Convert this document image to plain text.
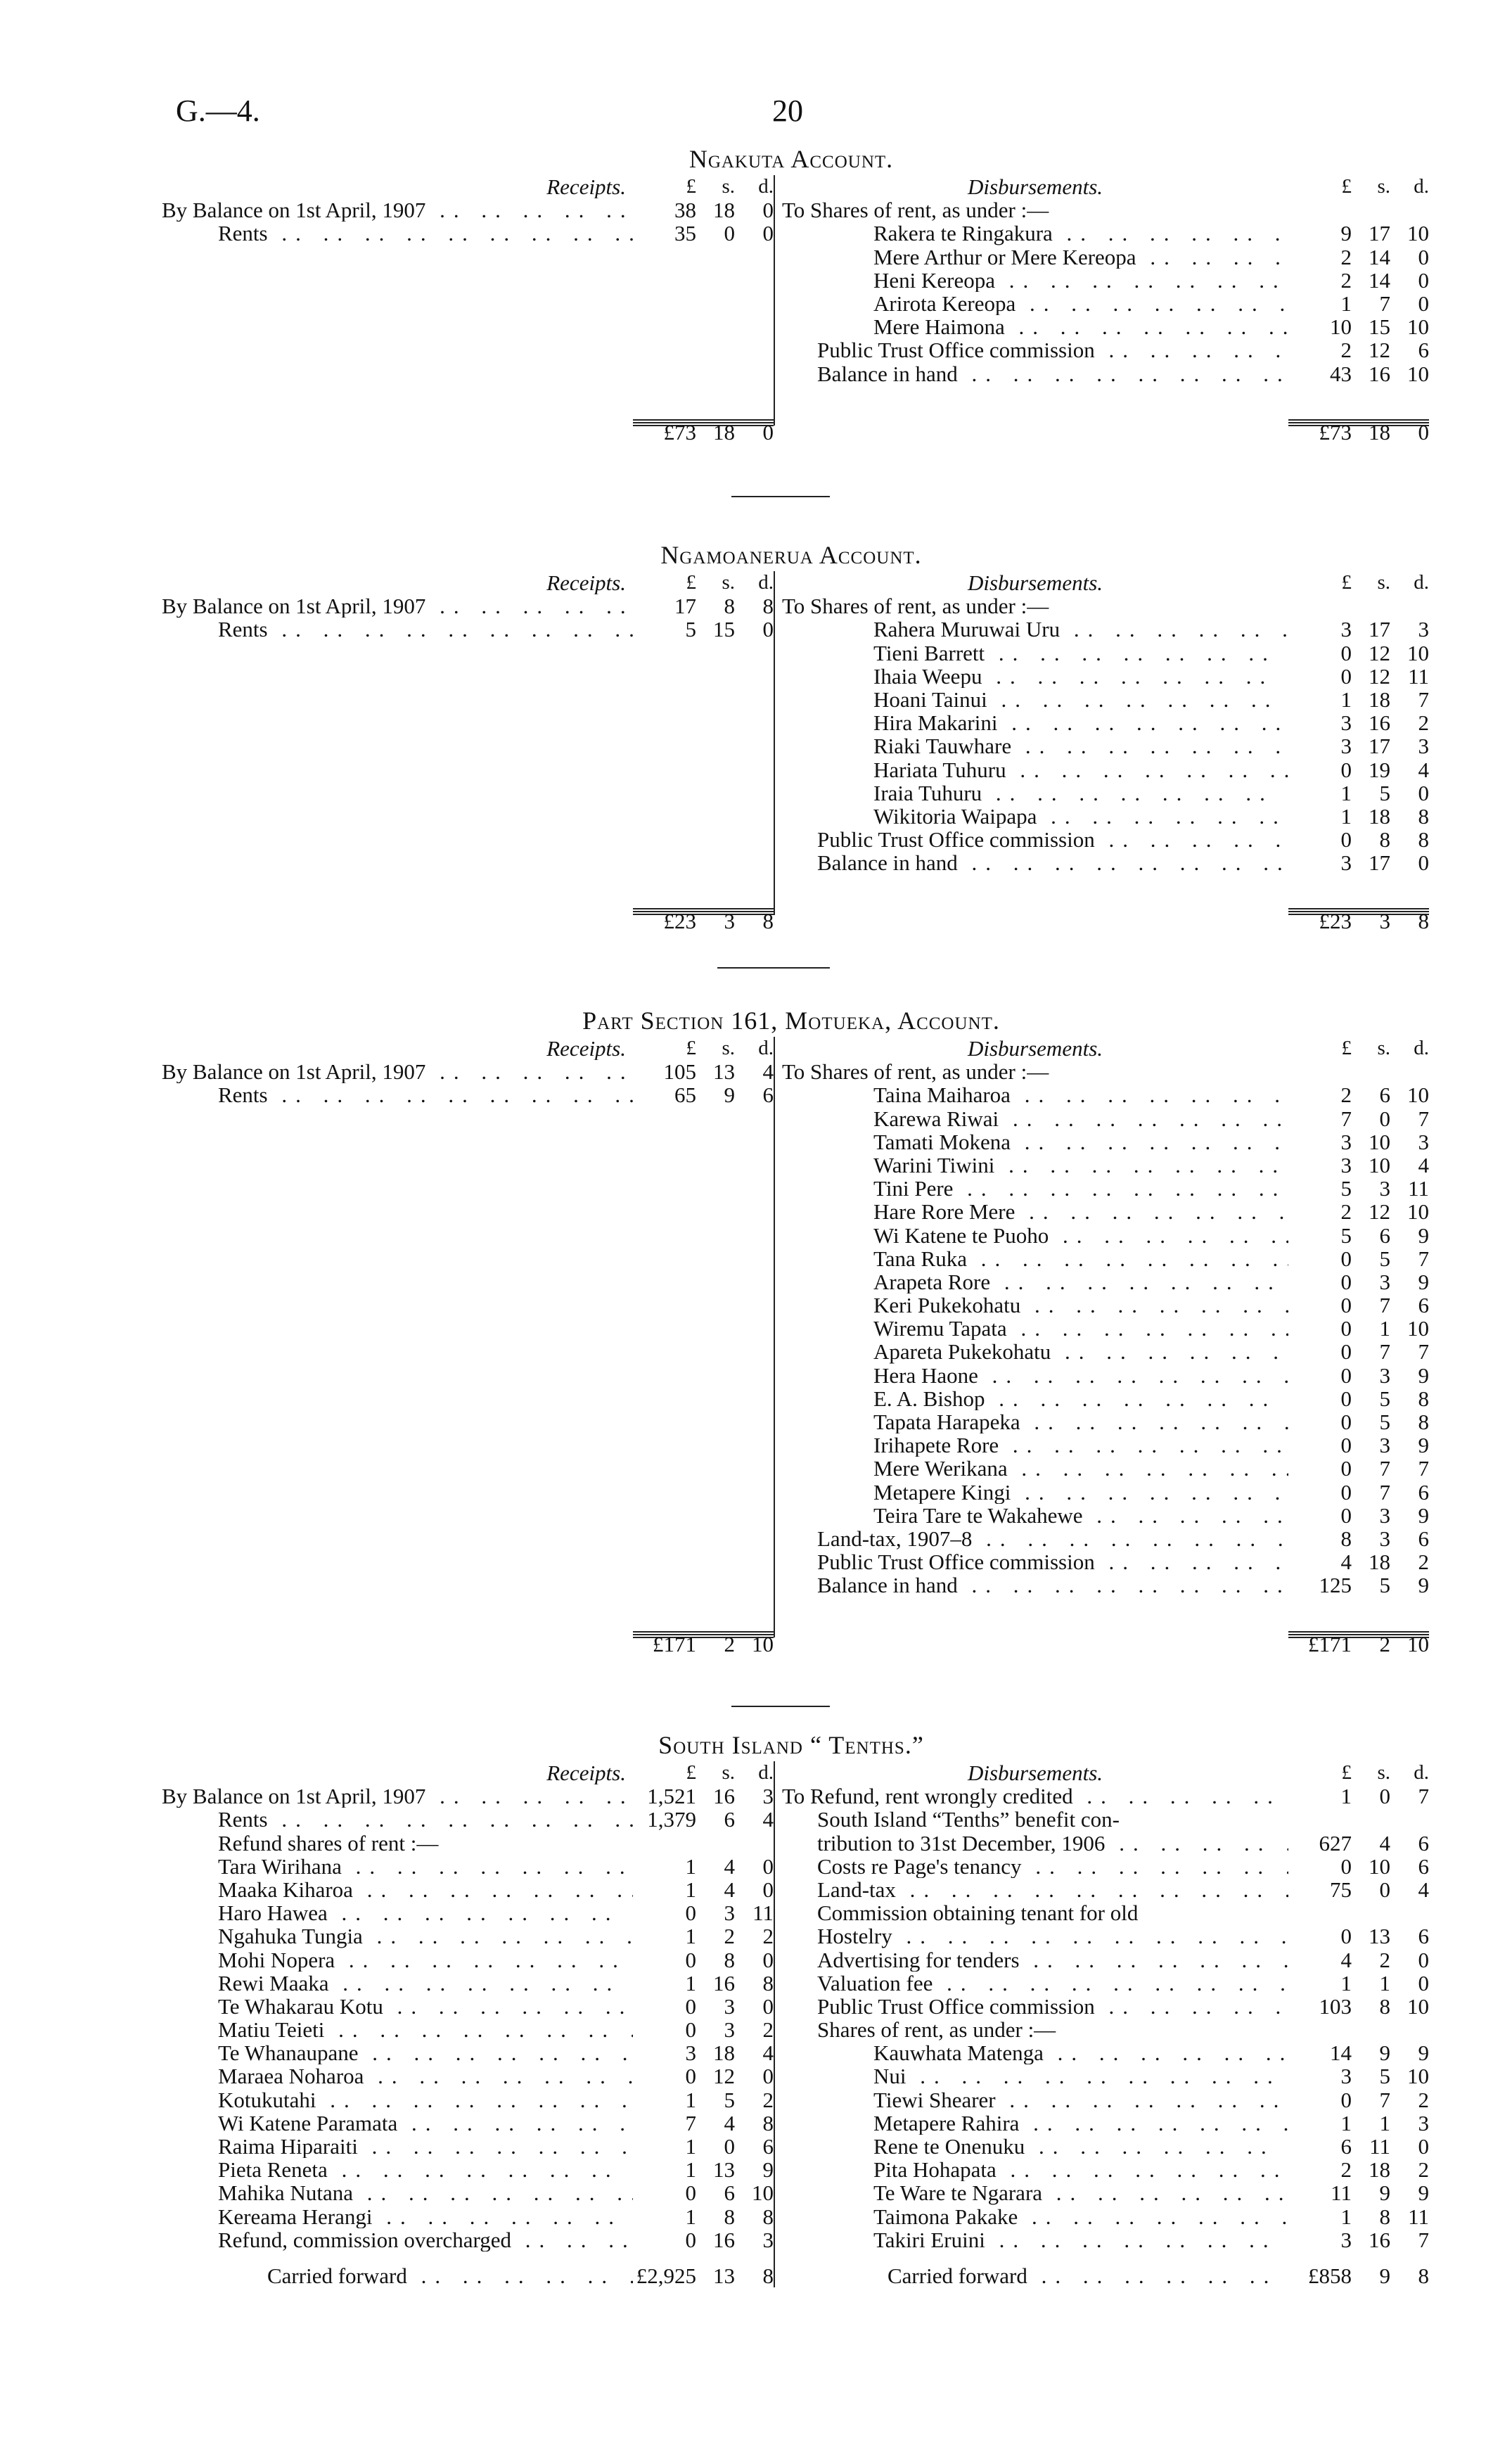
G.—4.	20
Ngakuta Account.
Receipts.	£	s.	d.
By Balance on 1st April, 1907 .. ..	38 18	0
Rents .. ..	35	0	0
£73 18	0
Disbursements.	£	s.	d.
To Shares of rent, as under :—
Rakera te Ringakura .. ..	9 17 10
Mere Arthur or Mere Kereopa .. ..	2 14	0
Heni Kereopa .. ..	2 14	0
Arirota Kereopa .. ..	1	7	0
Mere Haimona .. ..	10 15 10
Public Trust Office commission .. ..	2 12	6
Balance in hand .. ..	43 16 10
£73 18	0
Ngamoanerua Account.
Receipts.	£	s.	d.
By Balance on 1st April, 1907 .. ..	17	8	8
Rents .. ..	5 15	0
£23	3	8
Disbursements.	£	s.	d.
To Shares of rent, as under :—
Rahera Muruwai Uru .. ..	3 17	3
Tieni Barrett .. ..	0 12 10
Ihaia Weepu .. ..	0 12 11
Hoani Tainui .. ..	1 18	7
Hira Makarini .. ..	3 16	2
Riaki Tauwhare .. ..	3 17	3
Hariata Tuhuru .. ..	0 19	4
Iraia Tuhuru .. ..	1	5	0
Wikitoria Waipapa .. ..	1 18	8
Public Trust Office commission .. ..	0	8	8
Balance in hand .. ..	3 17	0
£23	3	8
Part Section 161, Motueka, Account.
Receipts.	£	s.	d.
By Balance on 1st April, 1907 .. ..	105 13	4
Rents .. ..	65	9	6
£171	2 10
Disbursements.	£	s.	d.
To Shares of rent, as under :—
Taina Maiharoa .. ..	2	6 10
Karewa Riwai .. ..	7	0	7
Tamati Mokena .. ..	3 10	3
Warini Tiwini .. ..	3 10	4
Tini Pere .. ..	5	3 11
Hare Rore Mere .. ..	2 12 10
Wi Katene te Puoho .. ..	5	6	9
Tana Ruka .. ..	0	5	7
Arapeta Rore .. ..	0	3	9
Keri Pukekohatu .. ..	0	7	6
Wiremu Tapata .. ..	0	1 10
Apareta Pukekohatu .. ..	0	7	7
Hera Haone .. ..	0	3	9
E. A. Bishop .. ..	0	5	8
Tapata Harapeka .. ..	0	5	8
Irihapete Rore .. ..	0	3	9
Mere Werikana .. ..	0	7	7
Metapere Kingi .. ..	0	7	6
Teira Tare te Wakahewe .. ..	0	3	9
Land-tax, 1907–8 .. ..	8	3	6
Public Trust Office commission .. ..	4 18	2
Balance in hand .. ..	125	5	9
£171	2 10
South Island “ Tenths.”
Receipts.	£	s.	d.
By Balance on 1st April, 1907 .. ..	1,521 16	3
Rents .. ..	1,379	6	4
Refund shares of rent :—
Tara Wirihana .. ..	1	4	0
Maaka Kiharoa .. ..	1	4	0
Haro Hawea .. ..	0	3 11
Ngahuka Tungia .. ..	1	2	2
Mohi Nopera .. ..	0	8	0
Rewi Maaka .. ..	1 16	8
Te Whakarau Kotu .. ..	0	3	0
Matiu Teieti .. ..	0	3	2
Te Whanaupane .. ..	3 18	4
Maraea Noharoa .. ..	0 12	0
Kotukutahi .. ..	1	5	2
Wi Katene Paramata .. ..	7	4	8
Raima Hiparaiti .. ..	1	0	6
Pieta Reneta .. ..	1 13	9
Mahika Nutana .. ..	0	6 10
Kereama Herangi .. ..	1	8	8
Refund, commission overcharged .. ..	0 16	3
Carried forward .. ..	£2,925 13	8
Disbursements.	£	s.	d.
To Refund, rent wrongly credited .. ..	1	0	7
South Island “Tenths” benefit con-
tribution to 31st December, 1906 .. ..	627	4	6
Costs re Page's tenancy .. ..	0 10	6
Land-tax .. ..	75	0	4
Commission obtaining tenant for old
Hostelry .. ..	0 13	6
Advertising for tenders .. ..	4	2	0
Valuation fee .. ..	1	1	0
Public Trust Office commission .. ..	103	8 10
Shares of rent, as under :—
Kauwhata Matenga .. ..	14	9	9
Nui .. ..	3	5 10
Tiewi Shearer .. ..	0	7	2
Metapere Rahira .. ..	1	1	3
Rene te Onenuku .. ..	6 11	0
Pita Hohapata .. ..	2 18	2
Te Ware te Ngarara .. ..	11	9	9
Taimona Pakake .. ..	1	8 11
Takiri Eruini .. ..	3 16	7
Carried forward .. ..	£858	9	8
